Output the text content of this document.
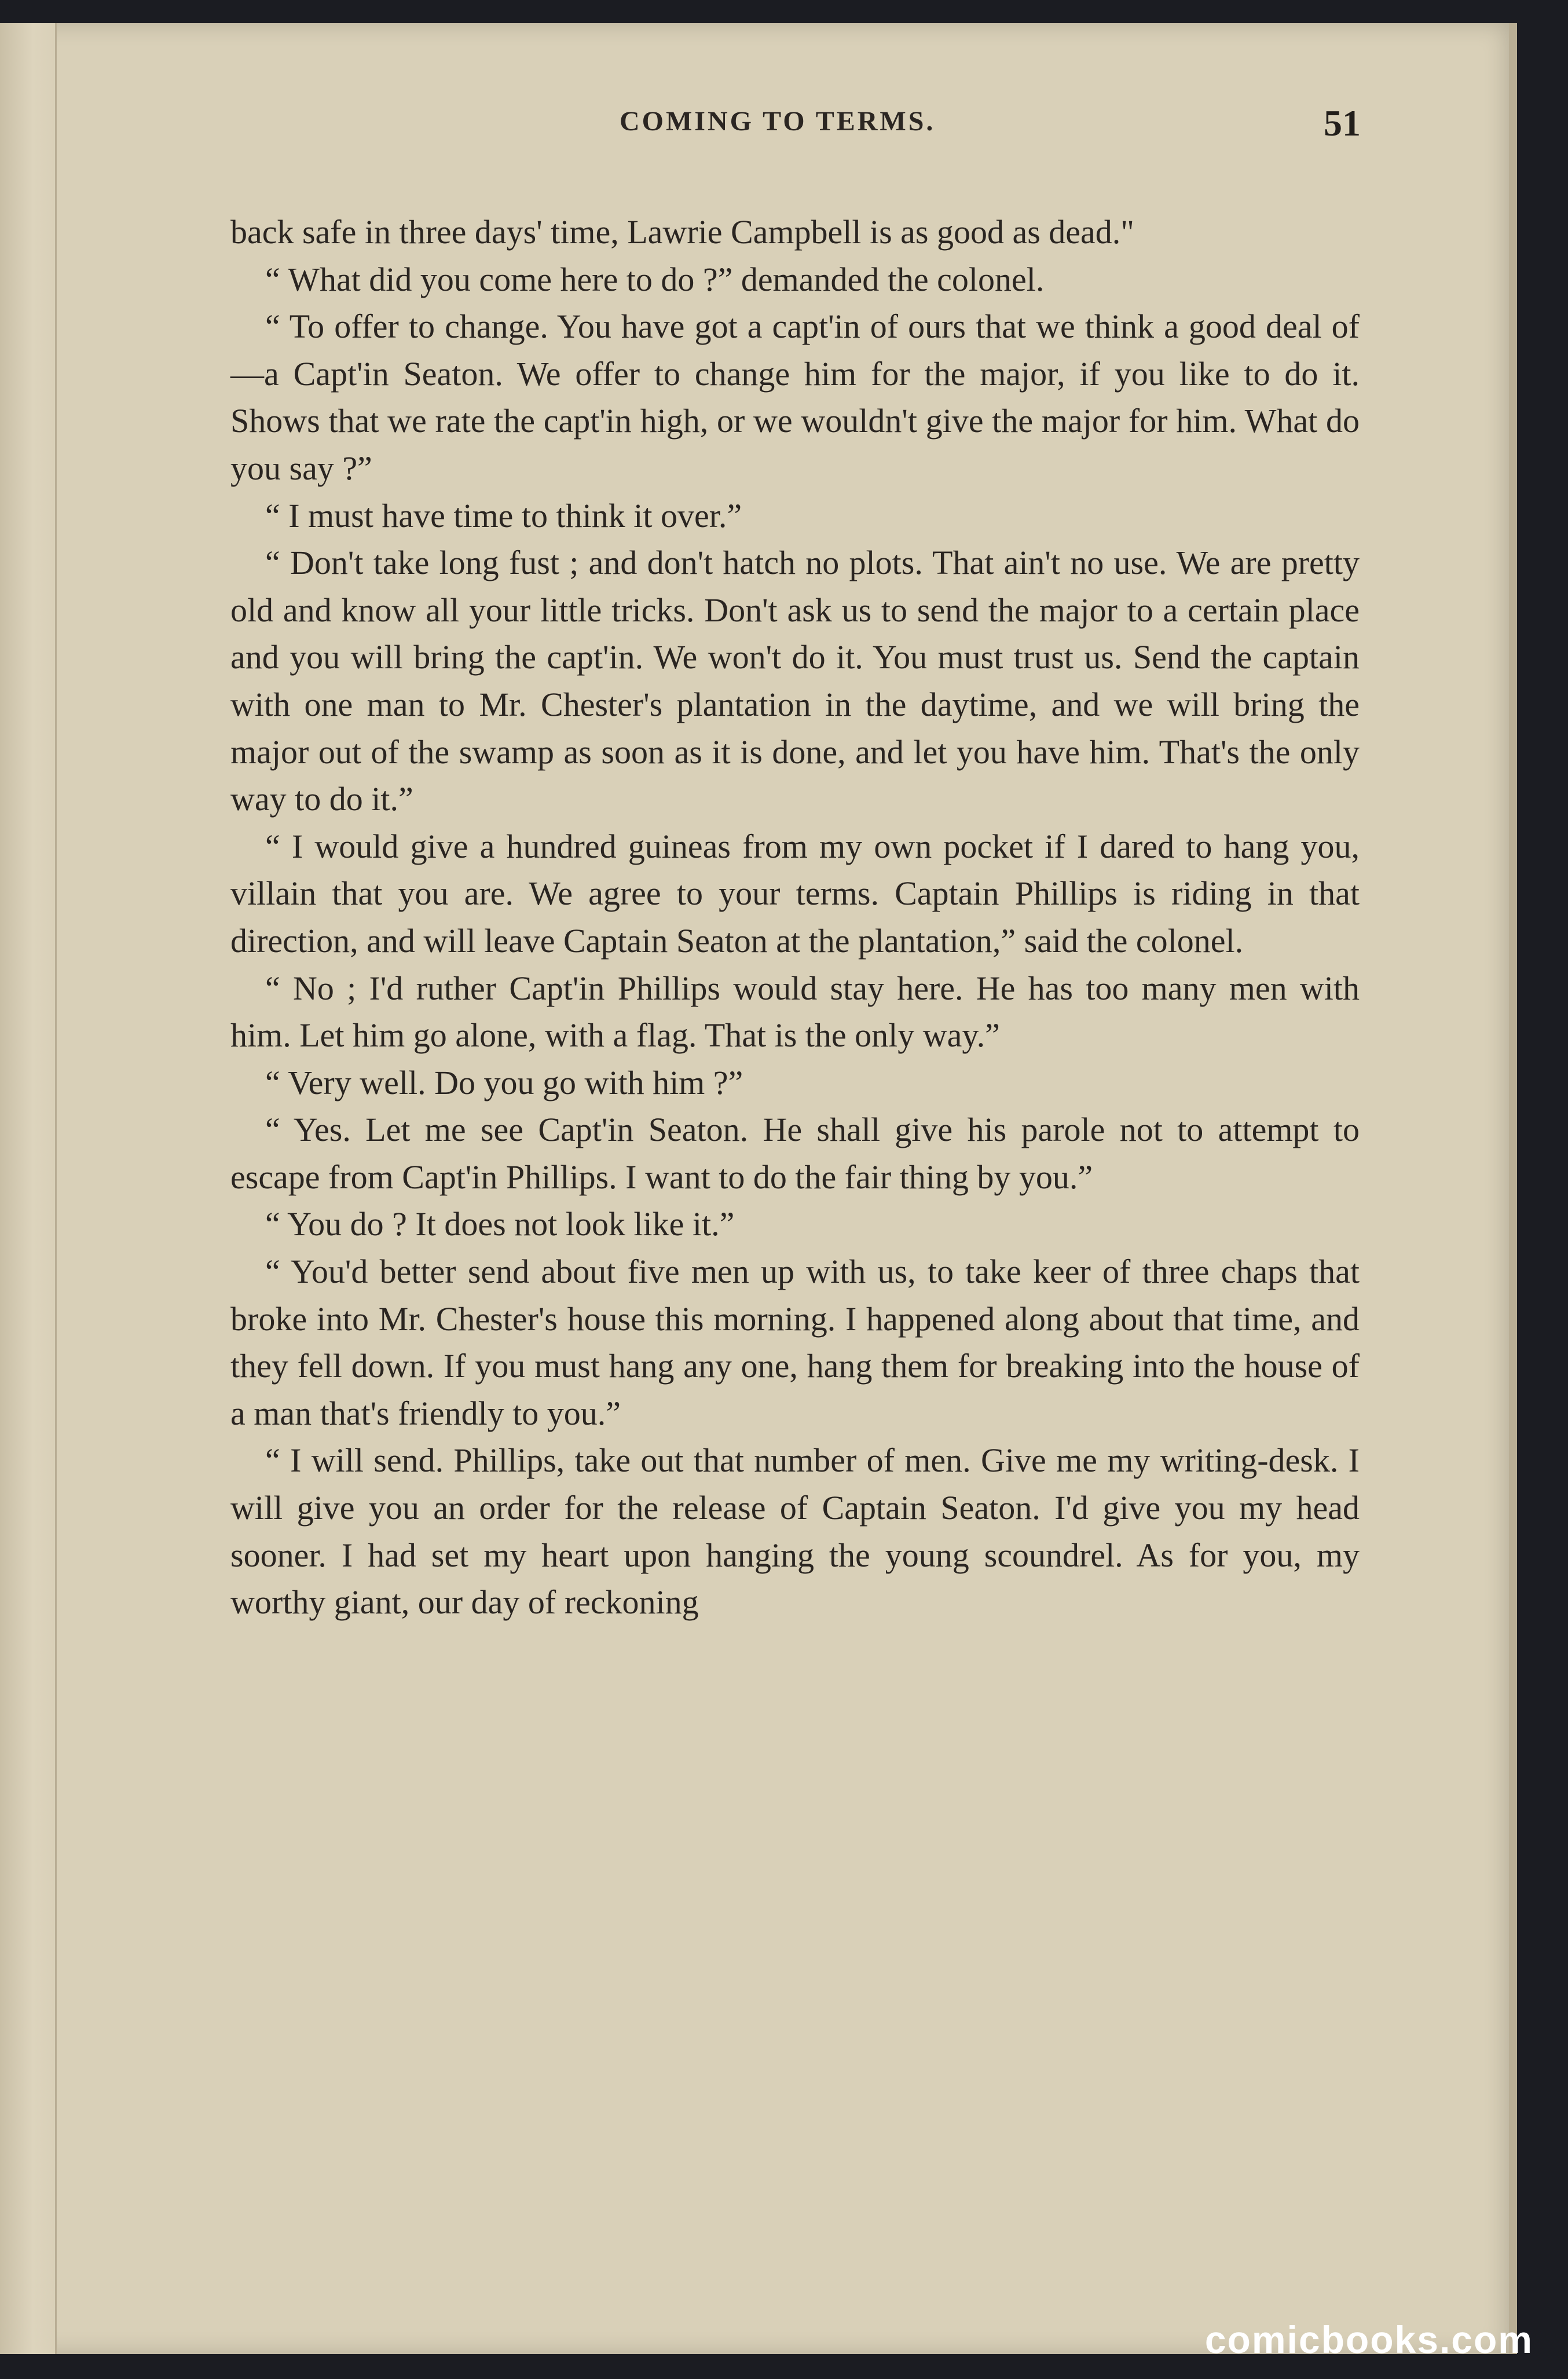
COMING TO TERMS.	51

back safe in three days' time, Lawrie Campbell is as good as dead."

“ What did you come here to do ?” demanded the colonel.

“ To offer to change. You have got a capt'in of ours that we think a good deal of—a Capt'in Seaton. We offer to change him for the major, if you like to do it. Shows that we rate the capt'in high, or we wouldn't give the major for him. What do you say ?”

“ I must have time to think it over.”

“ Don't take long fust ; and don't hatch no plots. That ain't no use. We are pretty old and know all your little tricks. Don't ask us to send the major to a certain place and you will bring the capt'in. We won't do it. You must trust us. Send the captain with one man to Mr. Chester's plantation in the daytime, and we will bring the major out of the swamp as soon as it is done, and let you have him. That's the only way to do it.”

“ I would give a hundred guineas from my own pocket if I dared to hang you, villain that you are. We agree to your terms. Captain Phillips is riding in that direction, and will leave Captain Seaton at the plantation,” said the colonel.

“ No ; I'd ruther Capt'in Phillips would stay here. He has too many men with him. Let him go alone, with a flag. That is the only way.”

“ Very well. Do you go with him ?”

“ Yes. Let me see Capt'in Seaton. He shall give his parole not to attempt to escape from Capt'in Phillips. I want to do the fair thing by you.”

“ You do ? It does not look like it.”

“ You'd better send about five men up with us, to take keer of three chaps that broke into Mr. Chester's house this morning. I happened along about that time, and they fell down. If you must hang any one, hang them for breaking into the house of a man that's friendly to you.”

“ I will send. Phillips, take out that number of men. Give me my writing-desk. I will give you an order for the release of Captain Seaton. I'd give you my head sooner. I had set my heart upon hanging the young scoundrel. As for you, my worthy giant, our day of reckoning

comicbooks.com
